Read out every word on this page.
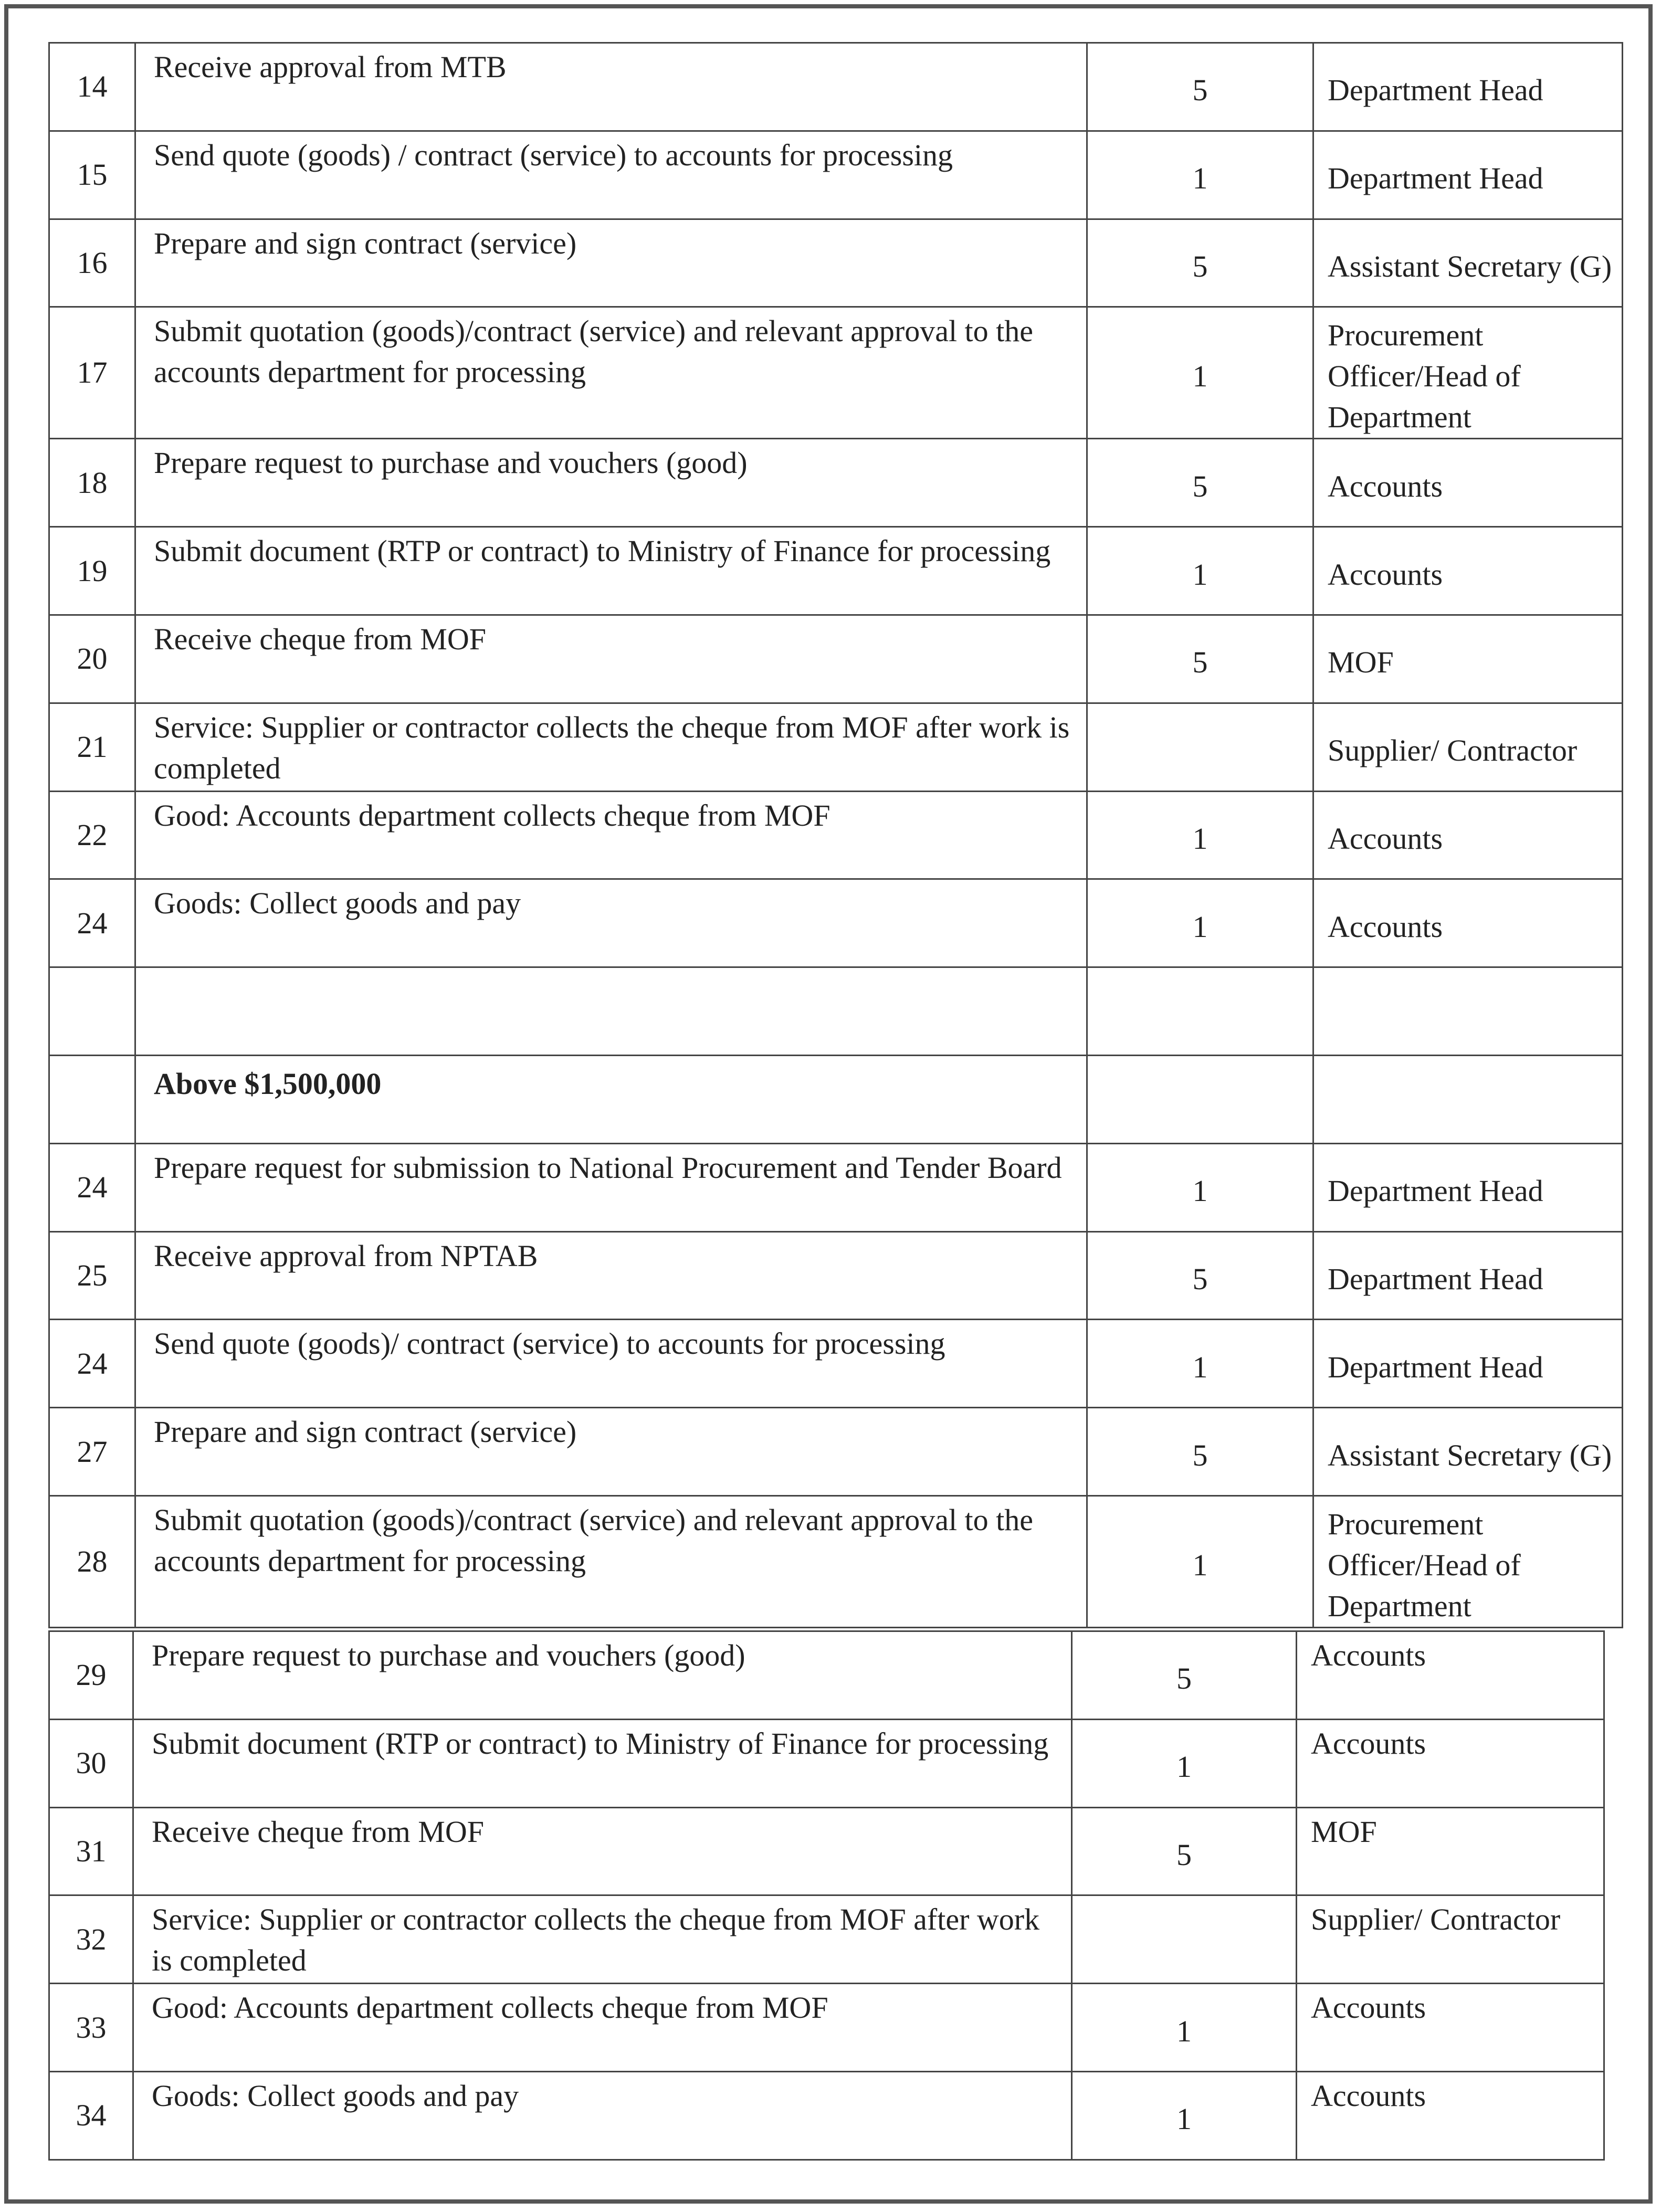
14	Receive approval from MTB	5	Department Head
15	Send quote (goods) / contract (service) to accounts for processing	1	Department Head
16	Prepare and sign contract (service)	5	Assistant Secretary (G)
17	Submit quotation (goods)/contract (service) and relevant approval to the accounts department for processing	1	Procurement Officer/Head of Department
18	Prepare request to purchase and vouchers (good)	5	Accounts
19	Submit document (RTP or contract) to Ministry of Finance for processing	1	Accounts
20	Receive cheque from MOF	5	MOF
21	Service: Supplier or contractor collects the cheque from MOF after work is completed		Supplier/ Contractor
22	Good: Accounts department collects cheque from MOF	1	Accounts
24	Goods: Collect goods and pay	1	Accounts

	Above $1,500,000		
24	Prepare request for submission to National Procurement and Tender Board	1	Department Head
25	Receive approval from NPTAB	5	Department Head
24	Send quote (goods)/ contract (service) to accounts for processing	1	Department Head
27	Prepare and sign contract (service)	5	Assistant Secretary (G)
28	Submit quotation (goods)/contract (service) and relevant approval to the accounts department for processing	1	Procurement Officer/Head of Department
29	Prepare request to purchase and vouchers (good)	5	Accounts
30	Submit document (RTP or contract) to Ministry of Finance for processing	1	Accounts
31	Receive cheque from MOF	5	MOF
32	Service: Supplier or contractor collects the cheque from MOF after work is completed		Supplier/ Contractor
33	Good: Accounts department collects cheque from MOF	1	Accounts
34	Goods: Collect goods and pay	1	Accounts
